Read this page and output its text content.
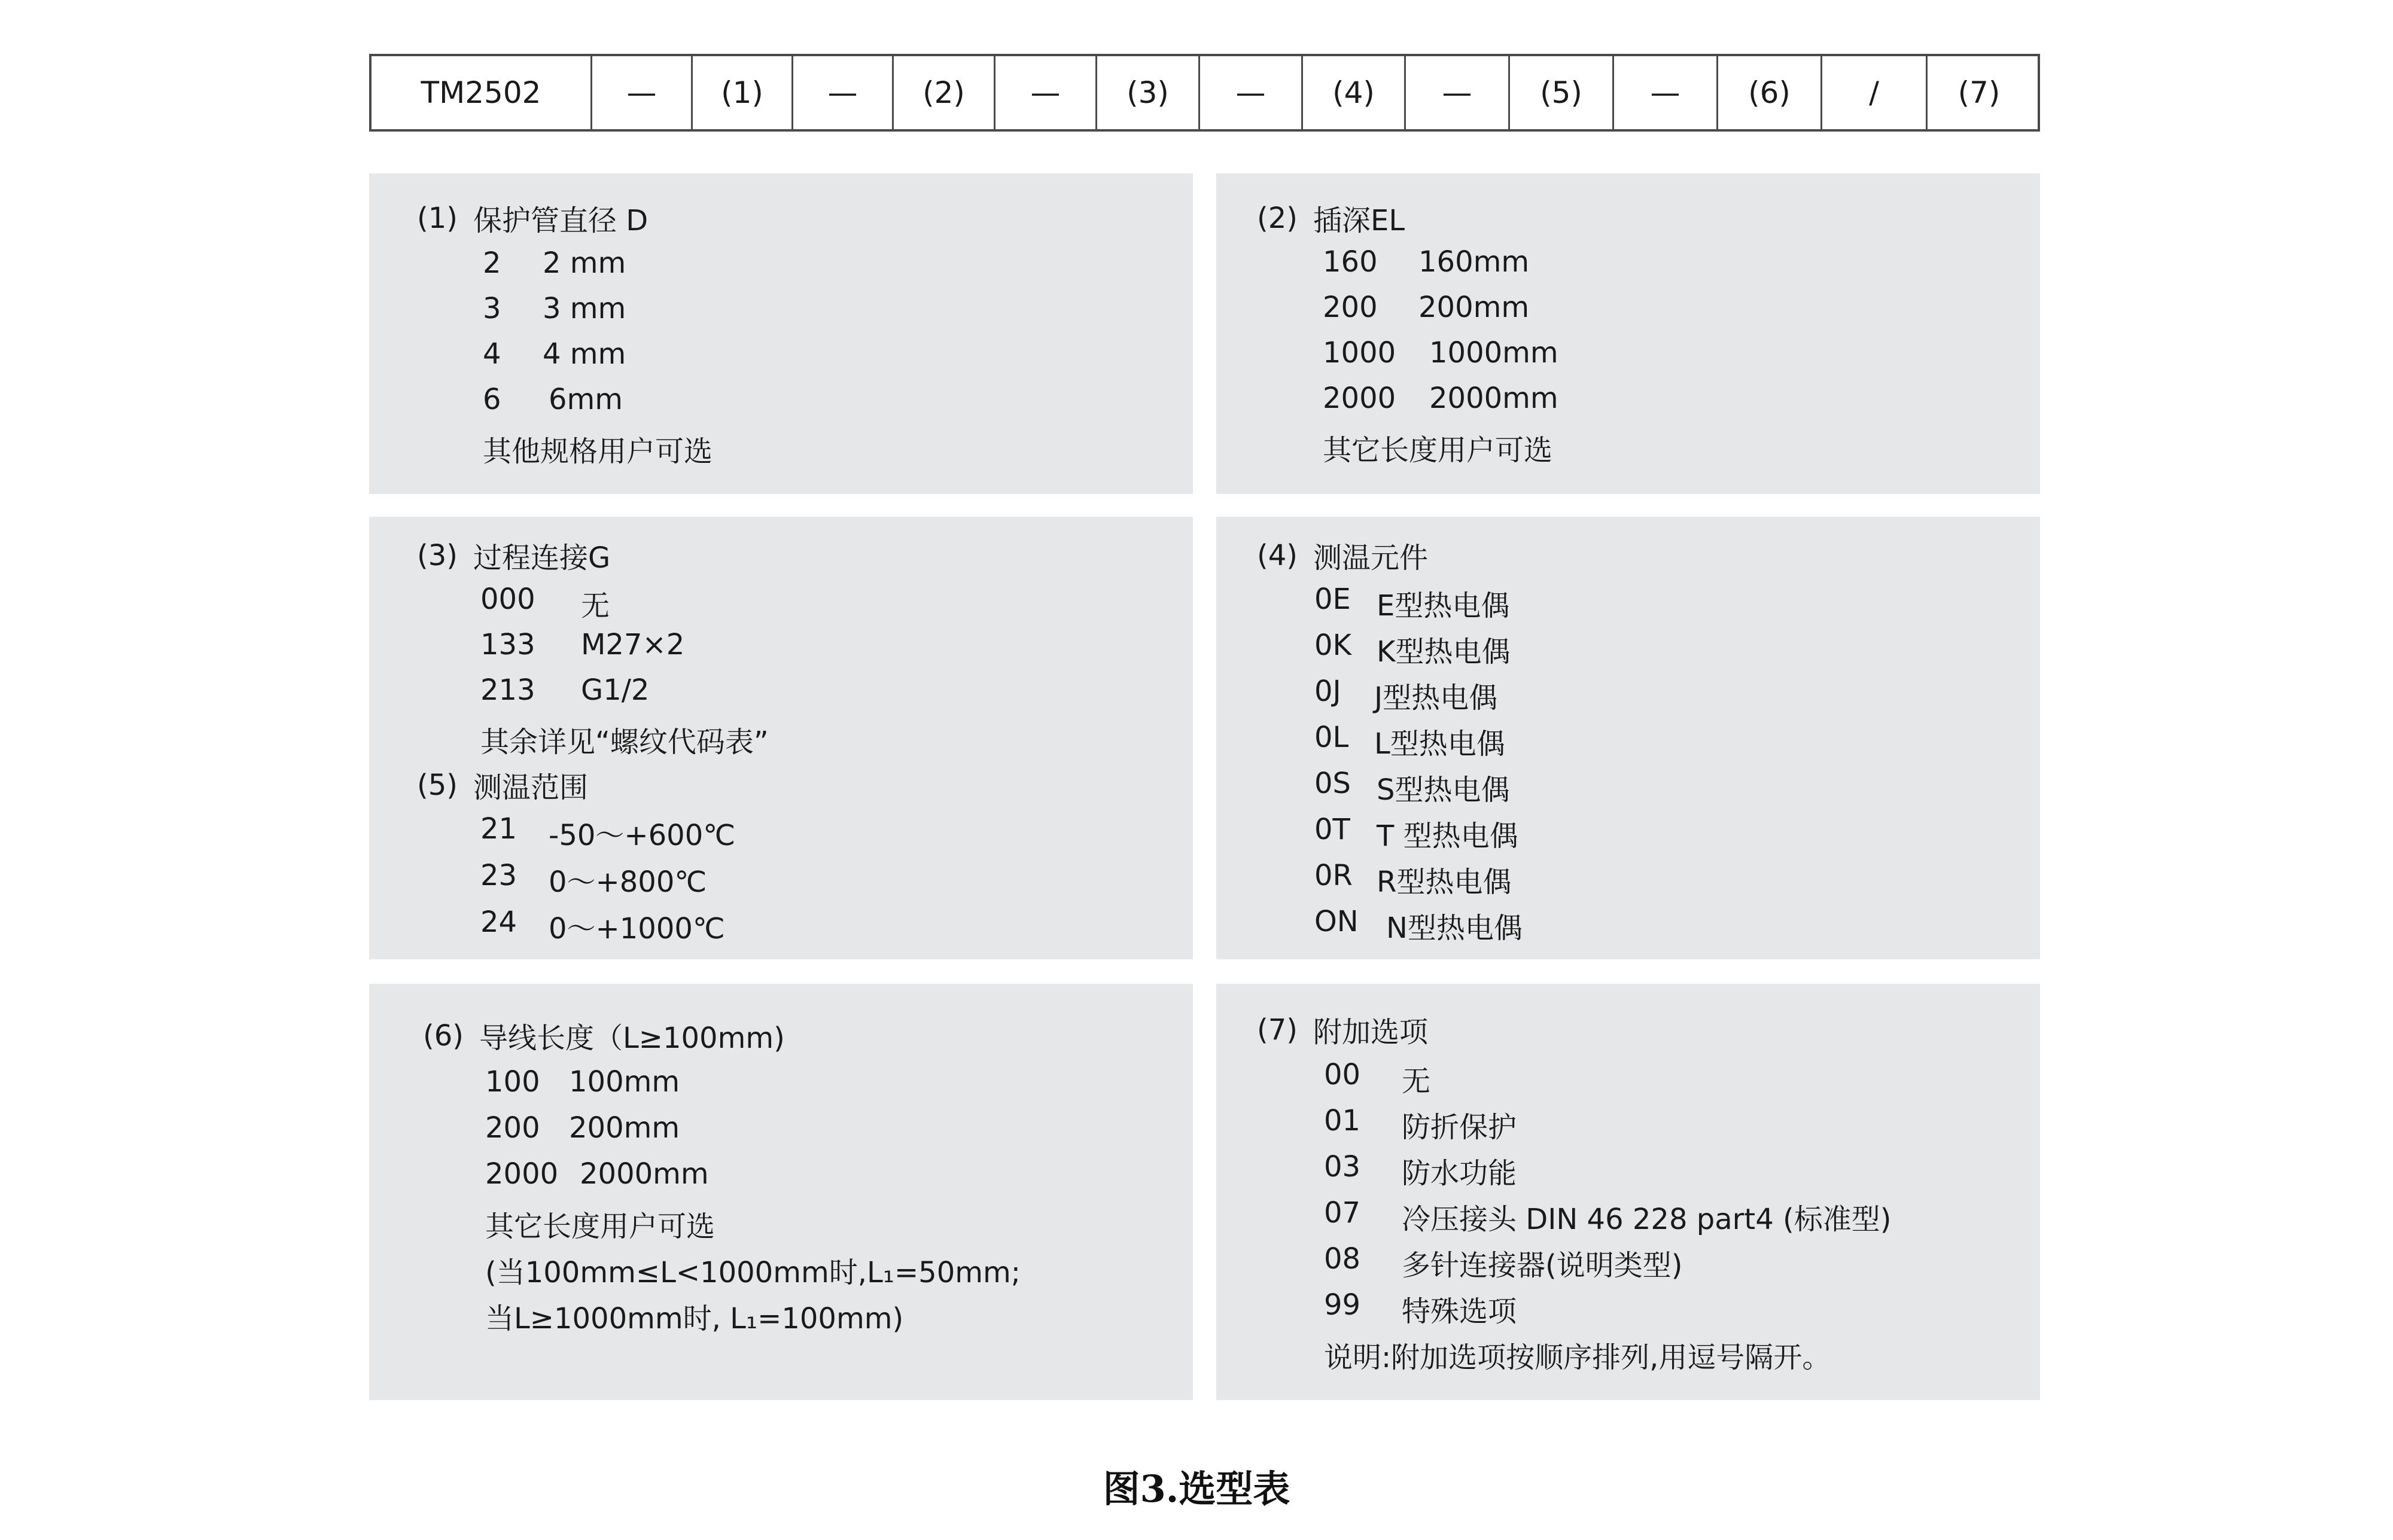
TM2502	—	(1)	—	(2)	—	(3)	—	(4)	—	(5)	—	(6)	/	(7)
(1) 保护管直径 D
2 2 mm
3 3 mm
4 4 mm
6 6mm
其他规格用户可选
(2) 插深EL
160 160mm
200 200mm
1000 1000mm
2000 2000mm
其它长度用户可选
(3) 过程连接G
000 无
133 M27×2
213 G1/2
其余详见“螺纹代码表”
(5) 测温范围
21 -50～+600℃
23 0～+800℃
24 0～+1000℃
(4) 测温元件
0E E型热电偶
0K K型热电偶
0J J型热电偶
0L L型热电偶
0S S型热电偶
0T T 型热电偶
0R R型热电偶
ON N型热电偶
(6) 导线长度（L≥100mm)
100 100mm
200 200mm
2000 2000mm
其它长度用户可选
(当100mm≤L<1000mm时,L₁=50mm;
当L≥1000mm时, L₁=100mm)
(7) 附加选项
00 无
01 防折保护
03 防水功能
07 冷压接头 DIN 46 228 part4 (标准型)
08 多针连接器(说明类型)
99 特殊选项
说明:附加选项按顺序排列,用逗号隔开。
图3.选型表
